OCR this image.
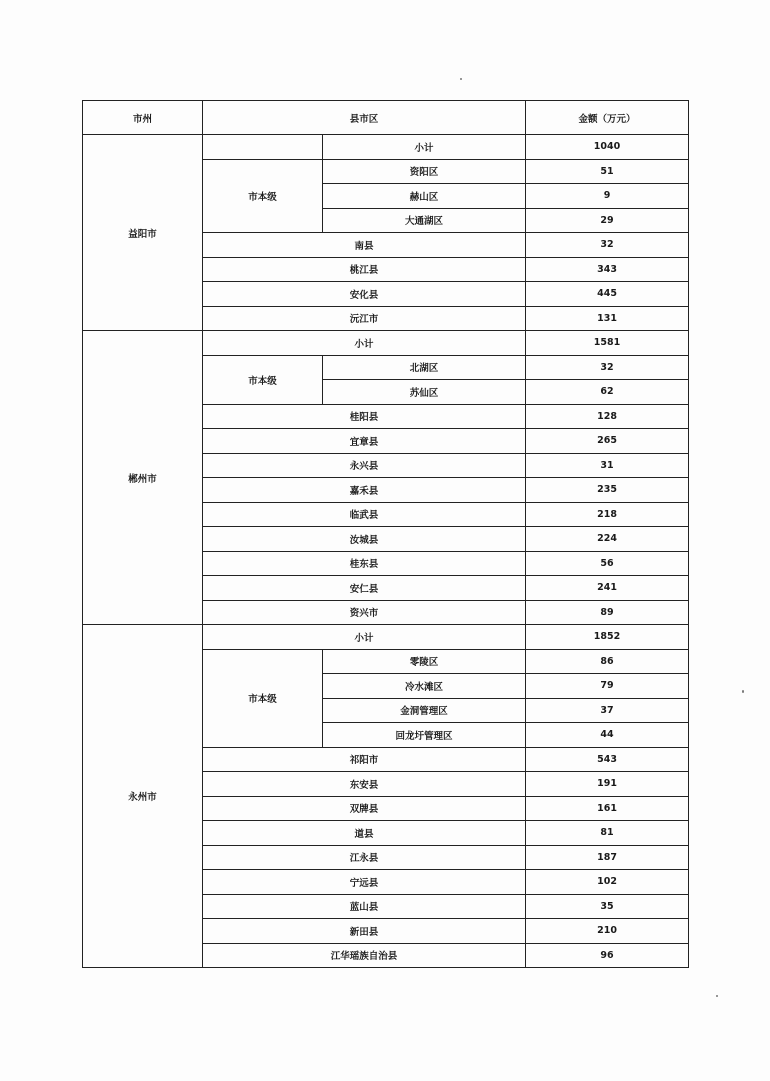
市州	县市区		金额（万元）
益阳市		小计	1040
	市本级	资阳区	51
		赫山区	9
		大通湖区	29
	南县		32
	桃江县		343
	安化县		445
	沅江市		131
郴州市	小计		1581
	市本级	北湖区	32
		苏仙区	62
	桂阳县		128
	宜章县		265
	永兴县		31
	嘉禾县		235
	临武县		218
	汝城县		224
	桂东县		56
	安仁县		241
	资兴市		89
永州市	小计		1852
	市本级	零陵区	86
		冷水滩区	79
		金洞管理区	37
		回龙圩管理区	44
	祁阳市		543
	东安县		191
	双牌县		161
	道县		81
	江永县		187
	宁远县		102
	蓝山县		35
	新田县		210
	江华瑶族自治县		96
